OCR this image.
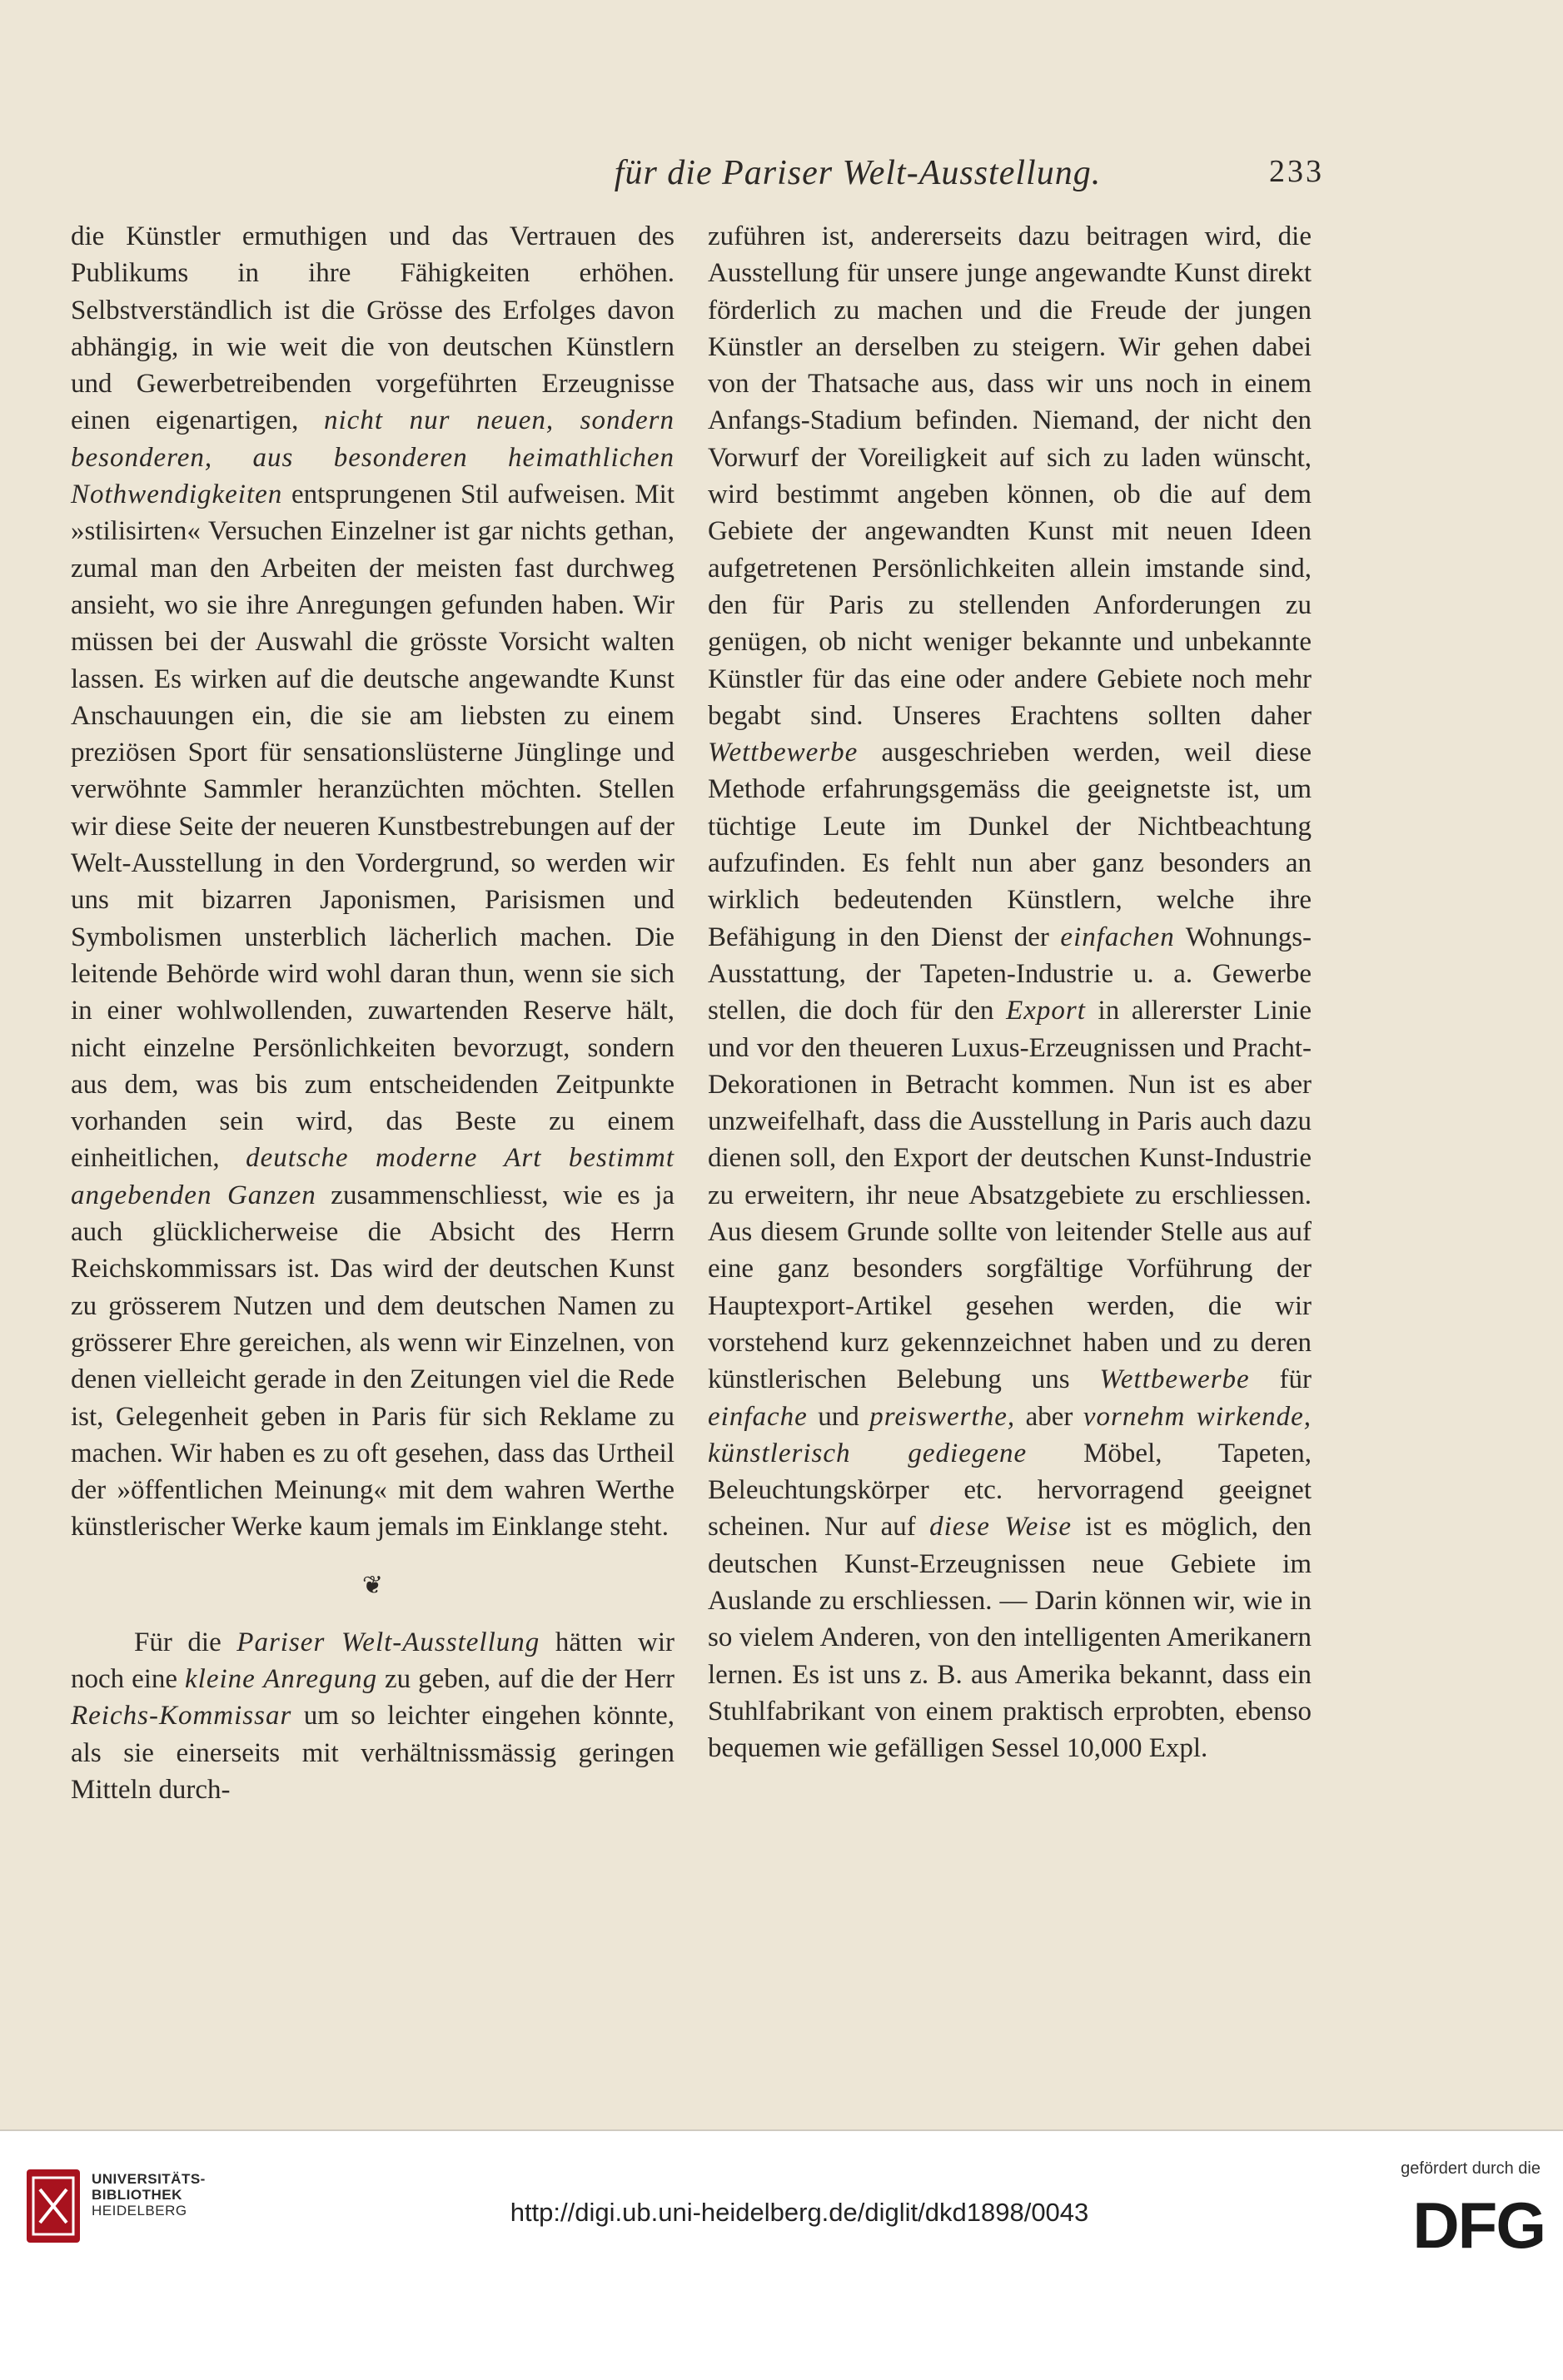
für die Pariser Welt-Ausstellung.	233

die Künstler ermuthigen und das Vertrauen des Publikums in ihre Fähigkeiten erhöhen. Selbstverständlich ist die Grösse des Erfolges davon abhängig, in wie weit die von deutschen Künstlern und Gewerbetreibenden vorgeführten Erzeugnisse einen eigenartigen, nicht nur neuen, sondern besonderen, aus besonderen heimathlichen Nothwendigkeiten entsprungenen Stil aufweisen. Mit »stilisirten« Versuchen Einzelner ist gar nichts gethan, zumal man den Arbeiten der meisten fast durchweg ansieht, wo sie ihre Anregungen gefunden haben. Wir müssen bei der Auswahl die grösste Vorsicht walten lassen. Es wirken auf die deutsche angewandte Kunst Anschauungen ein, die sie am liebsten zu einem preziösen Sport für sensationslüsterne Jünglinge und verwöhnte Sammler heranzüchten möchten. Stellen wir diese Seite der neueren Kunstbestrebungen auf der Welt-Ausstellung in den Vordergrund, so werden wir uns mit bizarren Japonismen, Parisismen und Symbolismen unsterblich lächerlich machen. Die leitende Behörde wird wohl daran thun, wenn sie sich in einer wohlwollenden, zuwartenden Reserve hält, nicht einzelne Persönlichkeiten bevorzugt, sondern aus dem, was bis zum entscheidenden Zeitpunkte vorhanden sein wird, das Beste zu einem einheitlichen, deutsche moderne Art bestimmt angebenden Ganzen zusammenschliesst, wie es ja auch glücklicherweise die Absicht des Herrn Reichskommissars ist. Das wird der deutschen Kunst zu grösserem Nutzen und dem deutschen Namen zu grösserer Ehre gereichen, als wenn wir Einzelnen, von denen vielleicht gerade in den Zeitungen viel die Rede ist, Gelegenheit geben in Paris für sich Reklame zu machen. Wir haben es zu oft gesehen, dass das Urtheil der »öffentlichen Meinung« mit dem wahren Werthe künstlerischer Werke kaum jemals im Einklange steht.

❦

Für die Pariser Welt-Ausstellung hätten wir noch eine kleine Anregung zu geben, auf die der Herr Reichs-Kommissar um so leichter eingehen könnte, als sie einerseits mit verhältnissmässig geringen Mitteln durch-

zuführen ist, andererseits dazu beitragen wird, die Ausstellung für unsere junge angewandte Kunst direkt förderlich zu machen und die Freude der jungen Künstler an derselben zu steigern. Wir gehen dabei von der Thatsache aus, dass wir uns noch in einem Anfangs-Stadium befinden. Niemand, der nicht den Vorwurf der Voreiligkeit auf sich zu laden wünscht, wird bestimmt angeben können, ob die auf dem Gebiete der angewandten Kunst mit neuen Ideen aufgetretenen Persönlichkeiten allein imstande sind, den für Paris zu stellenden Anforderungen zu genügen, ob nicht weniger bekannte und unbekannte Künstler für das eine oder andere Gebiete noch mehr begabt sind. Unseres Erachtens sollten daher Wettbewerbe ausgeschrieben werden, weil diese Methode erfahrungsgemäss die geeignetste ist, um tüchtige Leute im Dunkel der Nichtbeachtung aufzufinden. Es fehlt nun aber ganz besonders an wirklich bedeutenden Künstlern, welche ihre Befähigung in den Dienst der einfachen Wohnungs-Ausstattung, der Tapeten-Industrie u. a. Gewerbe stellen, die doch für den Export in allererster Linie und vor den theueren Luxus-Erzeugnissen und Pracht-Dekorationen in Betracht kommen. Nun ist es aber unzweifelhaft, dass die Ausstellung in Paris auch dazu dienen soll, den Export der deutschen Kunst-Industrie zu erweitern, ihr neue Absatzgebiete zu erschliessen. Aus diesem Grunde sollte von leitender Stelle aus auf eine ganz besonders sorgfältige Vorführung der Hauptexport-Artikel gesehen werden, die wir vorstehend kurz gekennzeichnet haben und zu deren künstlerischen Belebung uns Wettbewerbe für einfache und preiswerthe, aber vornehm wirkende, künstlerisch gediegene Möbel, Tapeten, Beleuchtungskörper etc. hervorragend geeignet scheinen. Nur auf diese Weise ist es möglich, den deutschen Kunst-Erzeugnissen neue Gebiete im Auslande zu erschliessen. — Darin können wir, wie in so vielem Anderen, von den intelligenten Amerikanern lernen. Es ist uns z. B. aus Amerika bekannt, dass ein Stuhlfabrikant von einem praktisch erprobten, ebenso bequemen wie gefälligen Sessel 10,000 Expl.

UNIVERSITÄTS-
BIBLIOTHEK
HEIDELBERG	http://digi.ub.uni-heidelberg.de/diglit/dkd1898/0043
gefördert durch die
DFG
